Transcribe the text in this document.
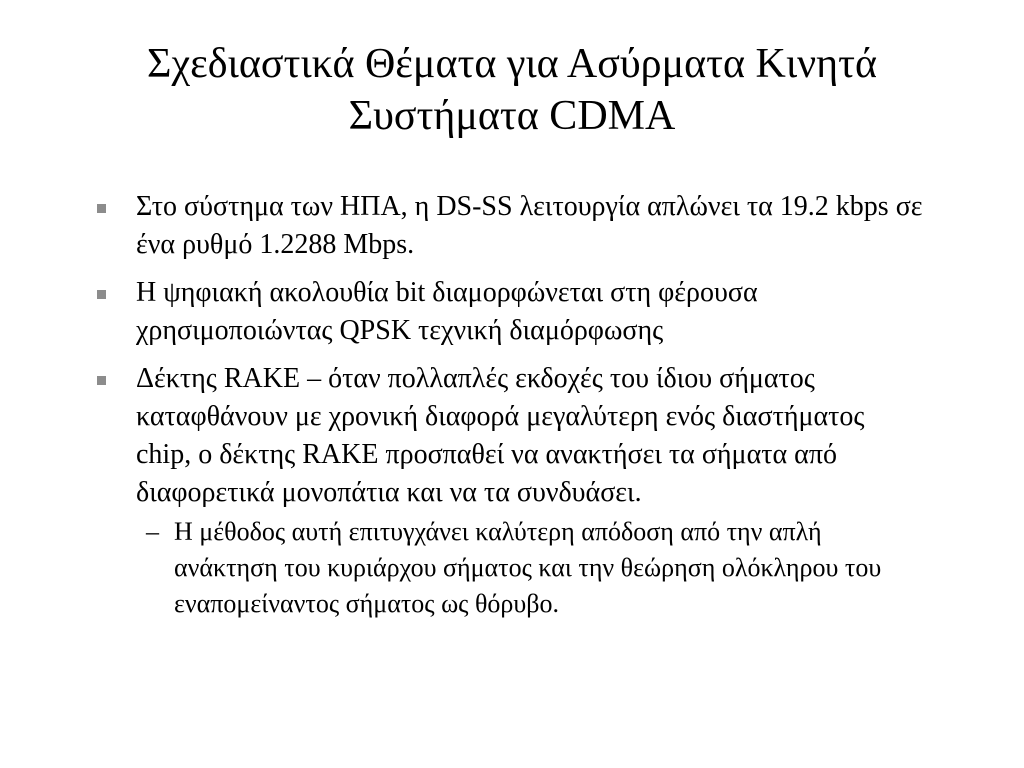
Σχεδιαστικά Θέματα για Ασύρματα Κινητά
Συστήματα CDMA
Στο σύστημα των ΗΠΑ, η DS-SS λειτουργία απλώνει τα 19.2 kbps σε ένα ρυθμό 1.2288 Mbps.
Η ψηφιακή ακολουθία bit διαμορφώνεται στη φέρουσα χρησιμοποιώντας QPSK τεχνική διαμόρφωσης
Δέκτης RAKE – όταν πολλαπλές εκδοχές του ίδιου σήματος καταφθάνουν με χρονική διαφορά μεγαλύτερη ενός διαστήματος chip, ο δέκτης RAKE προσπαθεί να ανακτήσει τα σήματα από διαφορετικά μονοπάτια και να τα συνδυάσει.
– Η μέθοδος αυτή επιτυγχάνει καλύτερη απόδοση από την απλή ανάκτηση του κυριάρχου σήματος και την θεώρηση ολόκληρου του εναπομείναντος σήματος ως θόρυβο.
